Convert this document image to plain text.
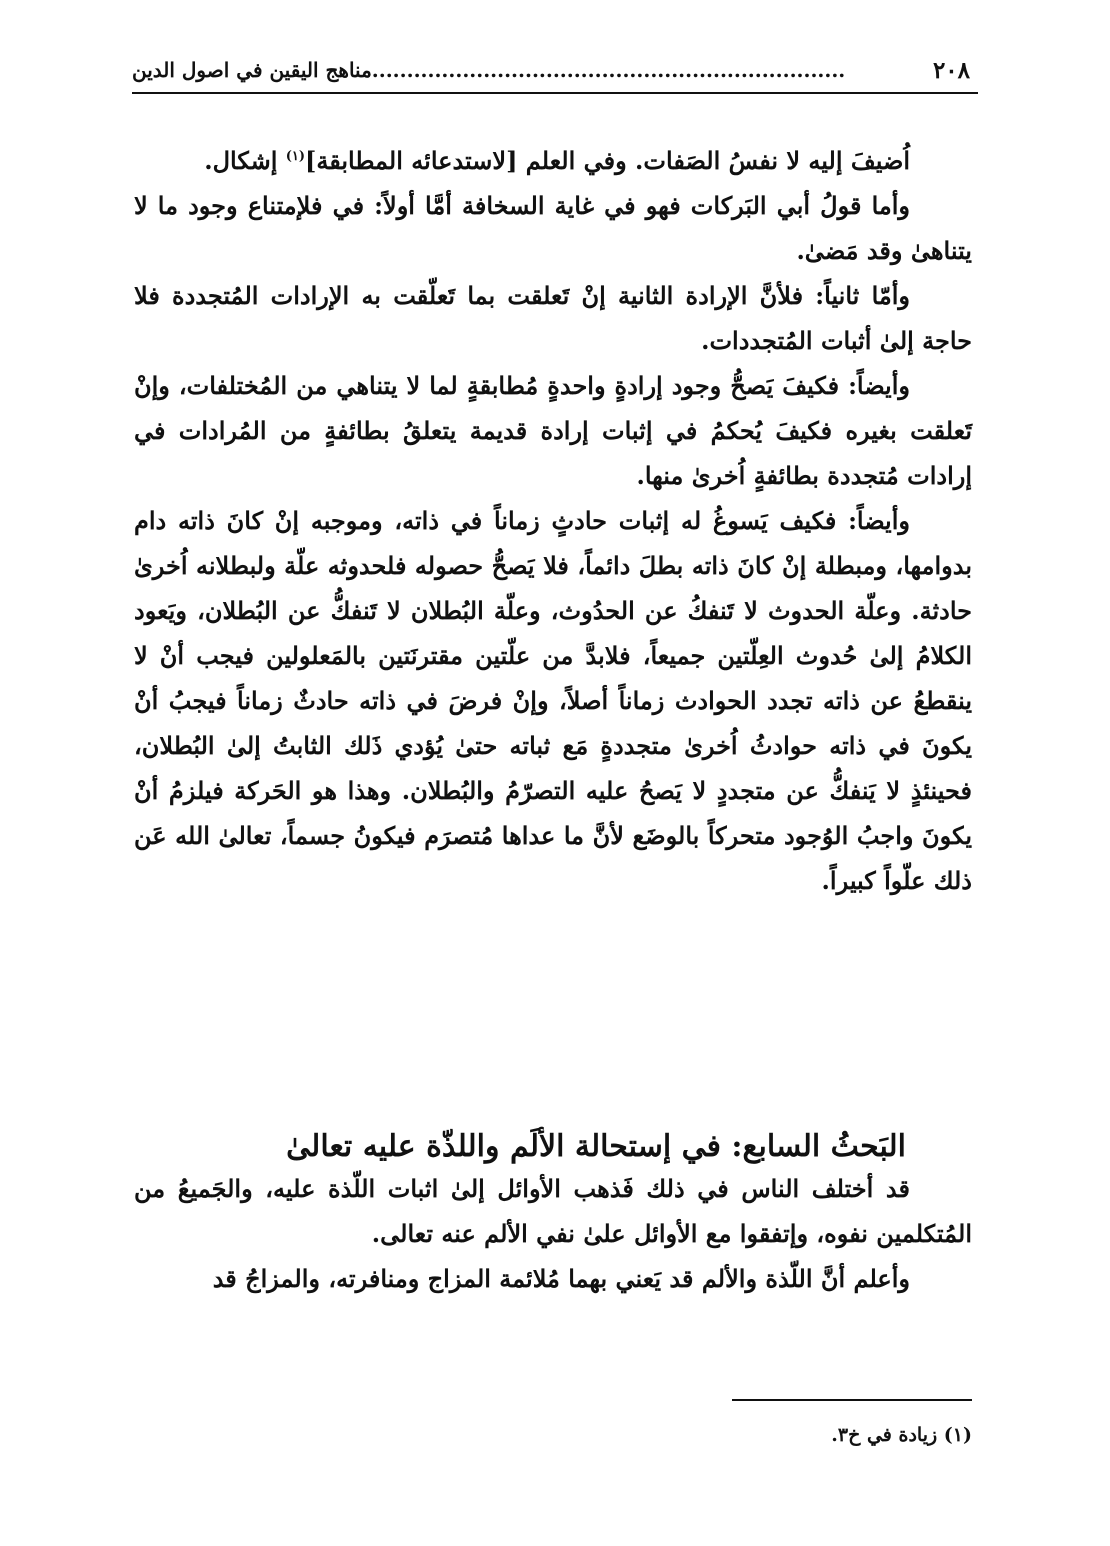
٢٠٨
....................................................................مناهج اليقين في اصول الدين

اُضيفَ إليه لا نفسُ الصَفات. وفي العلم [لاستدعائه المطابقة]$^{(١)}$ إشكال.

وأما قولُ أبي البَركات فهو في غاية السخافة أمَّا أولاً: في فلإمتناع وجود ما لا يتناهىٰ وقد مَضىٰ.

وأمّا ثانياً: فلأنَّ الإرادة الثانية إنْ تَعلقت بما تَعلّقت به الإرادات المُتجددة فلا حاجة إلىٰ أثبات المُتجددات.

وأيضاً: فكيفَ يَصحُّ وجود إرادةٍ واحدةٍ مُطابقةٍ لما لا يتناهي من المُختلفات، وإنْ تَعلقت بغيره فكيفَ يُحكمُ في إثبات إرادة قديمة يتعلقُ بطائفةٍ من المُرادات في إرادات مُتجددة بطائفةٍ اُخرىٰ منها.

وأيضاً: فكيف يَسوغُ له إثبات حادثٍ زماناً في ذاته، وموجبه إنْ كانَ ذاته دام بدوامها، ومبطلة إنْ كانَ ذاته بطلَ دائماً، فلا يَصحُّ حصوله فلحدوثه علّة ولبطلانه اُخرىٰ حادثة. وعلّة الحدوث لا تَنفكُ عن الحدُوث، وعلّة البُطلان لا تَنفكُّ عن البُطلان، ويَعود الكلامُ إلىٰ حُدوث العِلّتين جميعاً، فلابدَّ من علّتين مقترنَتين بالمَعلولين فيجب أنْ لا ينقطعُ عن ذاته تجدد الحوادث زماناً أصلاً، وإنْ فرضَ في ذاته حادثٌ زماناً فيجبُ أنْ يكونَ في ذاته حوادثُ اُخرىٰ متجددةٍ مَع ثباته حتىٰ يُؤدي ذَلك الثابتُ إلىٰ البُطلان، فحينئذٍ لا يَنفكُّ عن متجددٍ لا يَصحُ عليه التصرّمُ والبُطلان. وهذا هو الحَركة فيلزمُ أنْ يكونَ واجبُ الوُجود متحركاً بالوضَع لأنَّ ما عداها مُتصرَم فيكونُ جسماً، تعالىٰ الله عَن ذلك علّواً كبيراً.

البَحثُ السابع: في إستحالة الألَم واللذّة عليه تعالىٰ

قد أختلف الناس في ذلك فَذهب الأوائل إلىٰ اثبات اللّذة عليه، والجَميعُ من المُتكلمين نفوه، وإتفقوا مع الأوائل علىٰ نفي الألم عنه تعالى.

وأعلم أنَّ اللّذة والألم قد يَعني بهما مُلائمة المزاج ومنافرته، والمزاجُ قد

(١) زيادة في خ٣.
